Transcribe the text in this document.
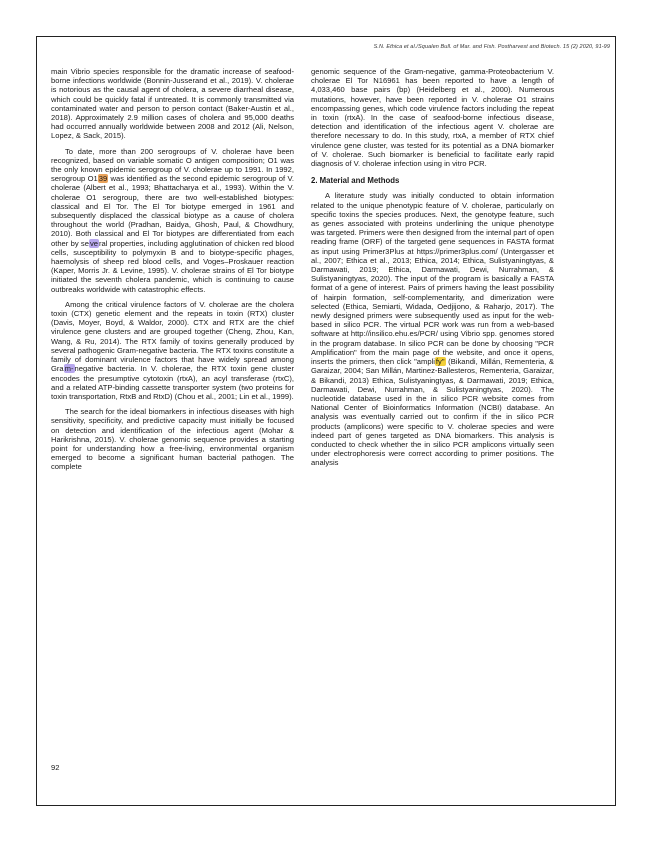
S.N. Ethica et al./Squalen Bull. of Mar. and Fish. Postharvest and Biotech. 15 (2) 2020, 91-99

main Vibrio species responsible for the dramatic increase of seafood-borne infections worldwide (Bonnin-Jusserand et al., 2019). V. cholerae is notorious as the causal agent of cholera, a severe diarrheal disease, which could be quickly fatal if untreated. It is commonly transmitted via contaminated water and person to person contact (Baker-Austin et al., 2018). Approximately 2.9 million cases of cholera and 95,000 deaths had occurred annually worldwide between 2008 and 2012 (Ali, Nelson, Lopez, & Sack, 2015).

To date, more than 200 serogroups of V. cholerae have been recognized, based on variable somatic O antigen composition; O1 was the only known epidemic serogroup of V. cholerae up to 1991. In 1992, serogroup O139 was identified as the second epidemic serogroup of V. cholerae (Albert et al., 1993; Bhattacharya et al., 1993). Within the V. cholerae O1 serogroup, there are two well-established biotypes: classical and El Tor. The El Tor biotype emerged in 1961 and subsequently displaced the classical biotype as a cause of cholera throughout the world (Pradhan, Baidya, Ghosh, Paul, & Chowdhury, 2010). Both classical and El Tor biotypes are differentiated from each other by several properties, including agglutination of chicken red blood cells, susceptibility to polymyxin B and to biotype-specific phages, haemolysis of sheep red blood cells, and Voges–Proskauer reaction (Kaper, Morris Jr. & Levine, 1995). V. cholerae strains of El Tor biotype initiated the seventh cholera pandemic, which is continuing to cause outbreaks worldwide with catastrophic effects.

Among the critical virulence factors of V. cholerae are the cholera toxin (CTX) genetic element and the repeats in toxin (RTX) cluster (Davis, Moyer, Boyd, & Waldor, 2000). CTX and RTX are the chief virulence gene clusters and are grouped together (Cheng, Zhou, Kan, Wang, & Ru, 2014). The RTX family of toxins generally produced by several pathogenic Gram-negative bacteria. The RTX toxins constitute a family of dominant virulence factors that have widely spread among Gram-negative bacteria. In V. cholerae, the RTX toxin gene cluster encodes the presumptive cytotoxin (rtxA), an acyl transferase (rtxC), and a related ATP-binding cassette transporter system (two proteins for toxin transportation, RtxB and RtxD) (Chou et al., 2001; Lin et al., 1999).

The search for the ideal biomarkers in infectious diseases with high sensitivity, specificity, and predictive capacity must initially be focused on detection and identification of the infectious agent (Mohar & Harikrishna, 2015). V. cholerae genomic sequence provides a starting point for understanding how a free-living, environmental organism emerged to become a significant human bacterial pathogen. The complete

genomic sequence of the Gram-negative, gamma-Proteobacterium V. cholerae El Tor N16961 has been reported to have a length of 4,033,460 base pairs (bp) (Heidelberg et al., 2000). Numerous mutations, however, have been reported in V. cholerae O1 strains encompassing genes, which code virulence factors including the repeat in toxin (rtxA). In the case of seafood-borne infectious disease, detection and identification of the infectious agent V. cholerae are therefore necessary to do. In this study, rtxA, a member of RTX chief virulence gene cluster, was tested for its potential as a DNA biomarker of V. cholerae. Such biomarker is beneficial to facilitate early rapid diagnosis of V. cholerae infection using in vitro PCR.

2. Material and Methods

A literature study was initially conducted to obtain information related to the unique phenotypic feature of V. cholerae, particularly on specific toxins the species produces. Next, the genotype feature, such as genes associated with proteins underlining the unique phenotype was targeted. Primers were then designed from the internal part of open reading frame (ORF) of the targeted gene sequences in FASTA format as input using Primer3Plus at https://primer3plus.com/ (Untergasser et al., 2007; Ethica et al., 2013; Ethica, 2014; Ethica, Sulistyaningtyas, & Darmawati, 2019; Ethica, Darmawati, Dewi, Nurrahman, & Sulistyaningtyas, 2020). The input of the program is basically a FASTA format of a gene of interest. Pairs of primers having the least possibility of hairpin formation, self-complementarity, and dimerization were selected (Ethica, Semiarti, Widada, Oedjijono, & Raharjo, 2017). The newly designed primers were subsequently used as input for the web-based in silico PCR. The virtual PCR work was run from a web-based software at http://insilico.ehu.es/PCR/ using Vibrio spp. genomes stored in the program database. In silico PCR can be done by choosing "PCR Amplification" from the main page of the website, and once it opens, inserts the primers, then click "amplify" (Bikandi, Millán, Rementeria, & Garaizar, 2004; San Millán, Martinez-Ballesteros, Rementeria, Garaizar, & Bikandi, 2013) Ethica, Sulistyaningtyas, & Darmawati, 2019; Ethica, Darmawati, Dewi, Nurrahman, & Sulistyaningtyas, 2020). The nucleotide database used in the in silico PCR website comes from National Center of Bioinformatics Information (NCBI) database. An analysis was eventually carried out to confirm if the in silico PCR products (amplicons) were specific to V. cholerae species and were indeed part of genes targeted as DNA biomarkers. This analysis is conducted to check whether the in silico PCR amplicons virtually seen under electrophoresis were correct according to primer positions. The analysis

92
